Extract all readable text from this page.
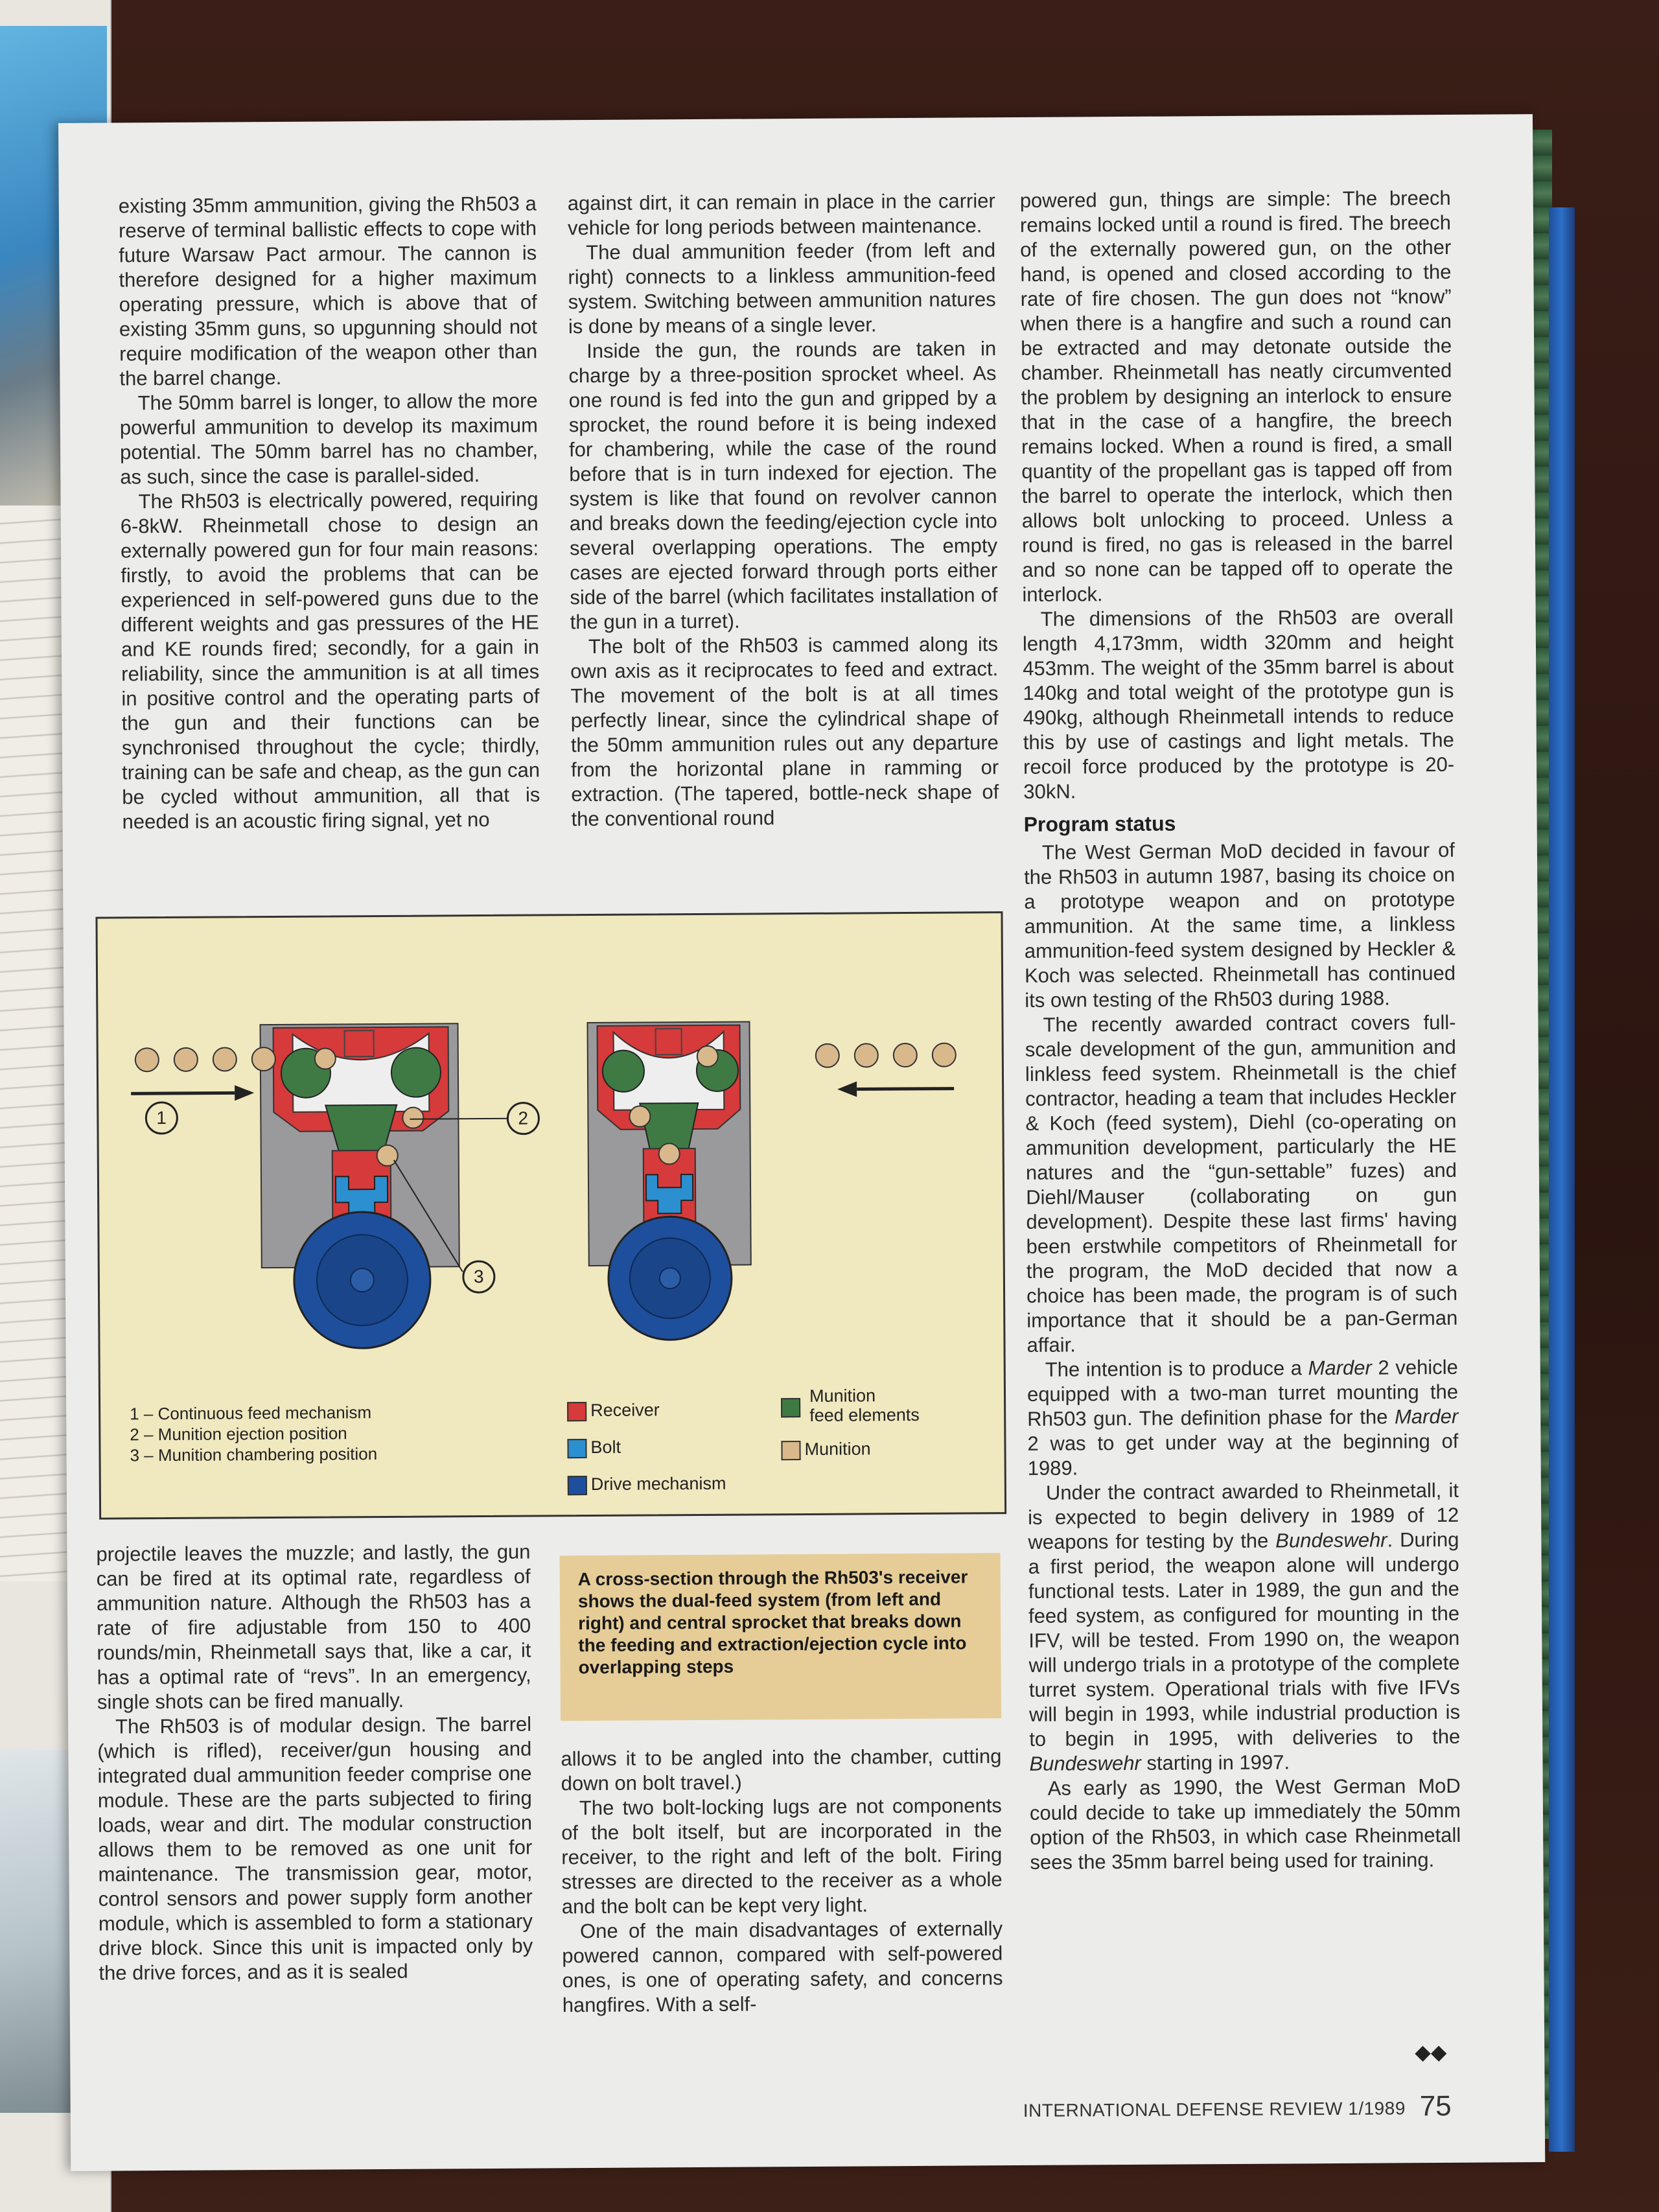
existing 35mm ammunition, giving the Rh503 a reserve of terminal ballistic effects to cope with future Warsaw Pact armour. The cannon is therefore designed for a higher maximum operating pressure, which is above that of existing 35mm guns, so upgunning should not require modification of the weapon other than the barrel change.

The 50mm barrel is longer, to allow the more powerful ammunition to develop its maximum potential. The 50mm barrel has no chamber, as such, since the case is parallel-sided.

The Rh503 is electrically powered, requiring 6-8kW. Rheinmetall chose to design an externally powered gun for four main reasons: firstly, to avoid the problems that can be experienced in self-powered guns due to the different weights and gas pressures of the HE and KE rounds fired; secondly, for a gain in reliability, since the ammunition is at all times in positive control and the operating parts of the gun and their functions can be synchronised throughout the cycle; thirdly, training can be safe and cheap, as the gun can be cycled without ammunition, all that is needed is an acoustic firing signal, yet no

against dirt, it can remain in place in the carrier vehicle for long periods between maintenance.

The dual ammunition feeder (from left and right) connects to a linkless ammunition-feed system. Switching between ammunition natures is done by means of a single lever.

Inside the gun, the rounds are taken in charge by a three-position sprocket wheel. As one round is fed into the gun and gripped by a sprocket, the round before it is being indexed for chambering, while the case of the round before that is in turn indexed for ejection. The system is like that found on revolver cannon and breaks down the feeding/ejection cycle into several overlapping operations. The empty cases are ejected forward through ports either side of the barrel (which facilitates installation of the gun in a turret).

The bolt of the Rh503 is cammed along its own axis as it reciprocates to feed and extract. The movement of the bolt is at all times perfectly linear, since the cylindrical shape of the 50mm ammunition rules out any departure from the horizontal plane in ramming or extraction. (The tapered, bottle-neck shape of the conventional round

powered gun, things are simple: The breech remains locked until a round is fired. The breech of the externally powered gun, on the other hand, is opened and closed according to the rate of fire chosen. The gun does not “know” when there is a hangfire and such a round can be extracted and may detonate outside the chamber. Rheinmetall has neatly circumvented the problem by designing an interlock to ensure that in the case of a hangfire, the breech remains locked. When a round is fired, a small quantity of the propellant gas is tapped off from the barrel to operate the interlock, which then allows bolt unlocking to proceed. Unless a round is fired, no gas is released in the barrel and so none can be tapped off to operate the interlock.

The dimensions of the Rh503 are overall length 4,173mm, width 320mm and height 453mm. The weight of the 35mm barrel is about 140kg and total weight of the prototype gun is 490kg, although Rheinmetall intends to reduce this by use of castings and light metals. The recoil force produced by the prototype is 20-30kN.

Program status

The West German MoD decided in favour of the Rh503 in autumn 1987, basing its choice on a prototype weapon and on prototype ammunition. At the same time, a linkless ammunition-feed system designed by Heckler & Koch was selected. Rheinmetall has continued its own testing of the Rh503 during 1988.

The recently awarded contract covers full-scale development of the gun, ammunition and linkless feed system. Rheinmetall is the chief contractor, heading a team that includes Heckler & Koch (feed system), Diehl (co-operating on ammunition development, particularly the HE natures and the “gun-settable” fuzes) and Diehl/Mauser (collaborating on gun development). Despite these last firms' having been erstwhile competitors of Rheinmetall for the program, the MoD decided that now a choice has been made, the program is of such importance that it should be a pan-German affair.

The intention is to produce a Marder 2 vehicle equipped with a two-man turret mounting the Rh503 gun. The definition phase for the Marder 2 was to get under way at the beginning of 1989.

Under the contract awarded to Rheinmetall, it is expected to begin delivery in 1989 of 12 weapons for testing by the Bundeswehr. During a first period, the weapon alone will undergo functional tests. Later in 1989, the gun and the feed system, as configured for mounting in the IFV, will be tested. From 1990 on, the weapon will undergo trials in a prototype of the complete turret system. Operational trials with five IFVs will begin in 1993, while industrial production is to begin in 1995, with deliveries to the Bundeswehr starting in 1997.

As early as 1990, the West German MoD could decide to take up immediately the 50mm option of the Rh503, in which case Rheinmetall sees the 35mm barrel being used for training.

1	2
3
1 – Continuous feed mechanism
2 – Munition ejection position
3 – Munition chambering position
Receiver
Bolt
Drive mechanism
Munition
feed elements
Munition

projectile leaves the muzzle; and lastly, the gun can be fired at its optimal rate, regardless of ammunition nature. Although the Rh503 has a rate of fire adjustable from 150 to 400 rounds/min, Rheinmetall says that, like a car, it has a optimal rate of “revs”. In an emergency, single shots can be fired manually.

The Rh503 is of modular design. The barrel (which is rifled), receiver/gun housing and integrated dual ammunition feeder comprise one module. These are the parts subjected to firing loads, wear and dirt. The modular construction allows them to be removed as one unit for maintenance. The transmission gear, motor, control sensors and power supply form another module, which is assembled to form a stationary drive block. Since this unit is impacted only by the drive forces, and as it is sealed

A cross-section through the Rh503's receiver shows the dual-feed system (from left and right) and central sprocket that breaks down the feeding and extraction/ejection cycle into overlapping steps

allows it to be angled into the chamber, cutting down on bolt travel.)

The two bolt-locking lugs are not components of the bolt itself, but are incorporated in the receiver, to the right and left of the bolt. Firing stresses are directed to the receiver as a whole and the bolt can be kept very light.

One of the main disadvantages of externally powered cannon, compared with self-powered ones, is one of operating safety, and concerns hangfires. With a self-

◆◆
INTERNATIONAL DEFENSE REVIEW 1/1989 75
